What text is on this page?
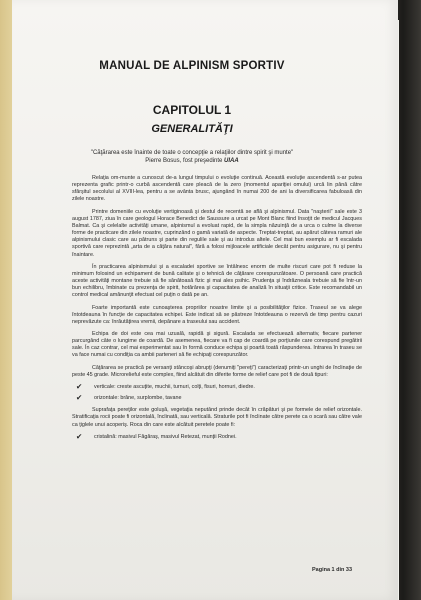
MANUAL DE ALPINISM SPORTIV
CAPITOLUL 1
GENERALITĂŢI
"Căţărarea este înainte de toate o concepţie a relaţiilor dintre spirit şi munte"
Pierre Bosus, fost preşedinte UIAA

Relaţia om-munte a cunoscut de-a lungul timpului o evoluţie continuă. Această evoluţie ascendentă s-ar putea reprezenta grafic printr-o curbă ascendentă care pleacă de la zero (momentul apariţiei omului) urcă lin până către sfârşitul secolului al XVIII-lea, pentru a se avânta brusc, ajungând în numai 200 de ani la diversificarea fabuloasă din zilele noastre.

Printre domeniile cu evoluţie vertiginoasă şi destul de recentă se află şi alpinismul. Data "naşterii" sale este 3 august 1787, ziua în care geologul Horace Benedict de Saussure a urcat pe Mont Blanc fiind însoţit de medicul Jacques Balmat. Ca şi celelalte activităţi umane, alpinismul a evoluat rapid, de la simpla năzuinţă de a urca o culme la diverse forme de practicare din zilele noastre, cuprinzând o gamă variată de aspecte. Treptat-treptat, au apărut câteva ramuri ale alpinismului clasic care au pătruns şi parte din regulile sale şi au introdus altele. Cel mai bun exemplu ar fi escalada sportivă care reprezintă „arta de a căţăra natural", fără a folosi mijloacele artificiale decât pentru asigurare, nu şi pentru înaintare.

În practicarea alpinismului şi a escaladei sportive se întâlnesc enorm de multe riscuri care pot fi reduse la minimum folosind un echipament de bună calitate şi o tehnică de căţărare corespunzătoare. O persoană care practică aceste activităţi montane trebuie să fie sănătoasă fizic şi mai ales psihic. Prudenţa şi îndrăzneala trebuie să fie într-un bun echilibru, îmbinate cu prezenţa de spirit, hotărârea şi capacitatea de analiză în situaţii critice. Este recomandabil un control medical amănunţit efectuat cel puţin o dată pe an.

Foarte importantă este cunoaşterea propriilor noastre limite şi a posibilităţilor fizice. Traseul se va alege întotdeauna în funcţie de capacitatea echipei. Este indicat să se păstreze întotdeauna o rezervă de timp pentru cazuri neprevăzute ca: înrăutăţirea vremii, depănare a traseului sau accident.

Echipa de doi este cea mai uzuală, rapidă şi sigură. Escalada se efectuează alternativ, fiecare partener parcurgând câte o lungime de coardă. De asemenea, fiecare va fi cap de coardă pe porţiunile care corespund pregătirii sale. În caz contrar, cel mai experimentat sau în formă conduce echipa şi poartă toată răspunderea. Intrarea în traseu se va face numai cu condiţia ca ambii parteneri să fie echipaţi corespunzător.

Căţărarea se practică pe versanţi stâncoşi abrupţi (denumiţi "pereţi") caracterizaţi printr-un unghi de înclinaţie de peste 45 grade. Microrelieful este complex, fiind alcătuit din diferite forme de relief care pot fi de două tipuri:

✔ verticale: creste ascuţite, muchii, turnuri, colţi, fisuri, hornuri, diedre.
✔ orizontale: brâne, surplombe, tavane

Suprafaţa pereţilor este goluşă, vegetaţia neputând prinde decât în crăpături şi pe formele de relief orizontale. Stratificaţia rocii poate fi orizontală, înclinată, sau verticală. Straturile pot fi înclinate către perete ca o scară sau către vale ca ţiglele unui acoperiş. Roca din care este alcătuit peretele poate fi:

✔ cristalină: masivul Făgăraş, masivul Retezat, munţii Rodnei.
Pagina 1 din 33
